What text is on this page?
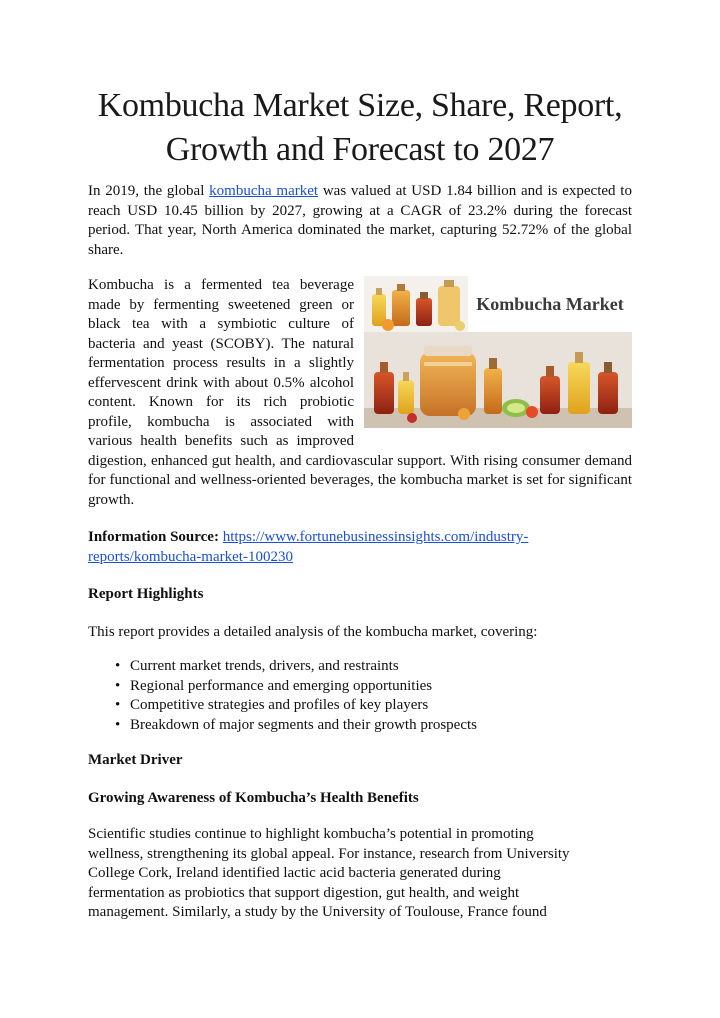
Kombucha Market Size, Share, Report,
Growth and Forecast to 2027
In 2019, the global kombucha market was valued at USD 1.84 billion and is expected to reach USD 10.45 billion by 2027, growing at a CAGR of 23.2% during the forecast period. That year, North America dominated the market, capturing 52.72% of the global share.
Kombucha Market
Kombucha is a fermented tea beverage made by fermenting sweetened green or black tea with a symbiotic culture of bacteria and yeast (SCOBY). The natural fermentation process results in a slightly effervescent drink with about 0.5% alcohol content. Known for its rich probiotic profile, kombucha is associated with various health benefits such as improved digestion, enhanced gut health, and cardiovascular support. With rising consumer demand for functional and wellness-oriented beverages, the kombucha market is set for significant growth.
Information Source: https://www.fortunebusinessinsights.com/industry-
reports/kombucha-market-100230
Report Highlights
This report provides a detailed analysis of the kombucha market, covering:
• Current market trends, drivers, and restraints
• Regional performance and emerging opportunities
• Competitive strategies and profiles of key players
• Breakdown of major segments and their growth prospects
Market Driver
Growing Awareness of Kombucha’s Health Benefits
Scientific studies continue to highlight kombucha’s potential in promoting
wellness, strengthening its global appeal. For instance, research from University
College Cork, Ireland identified lactic acid bacteria generated during
fermentation as probiotics that support digestion, gut health, and weight
management. Similarly, a study by the University of Toulouse, France found
